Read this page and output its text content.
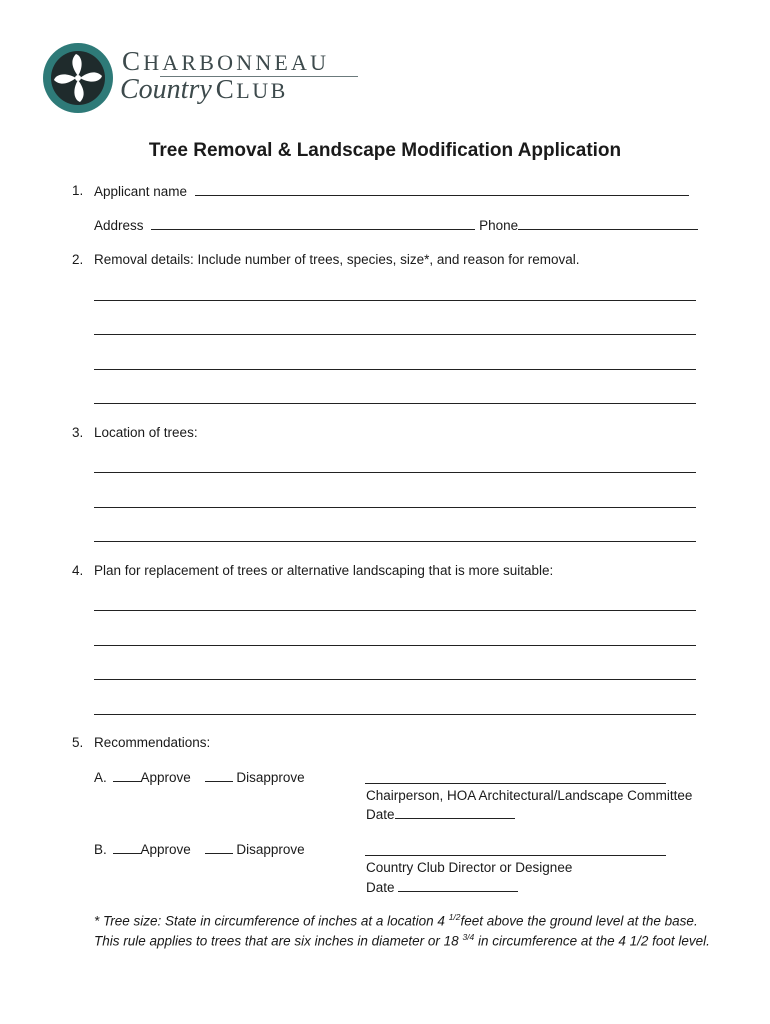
CHARBONNEAU
Country CLUB
Tree Removal & Landscape Modification Application
1. Applicant name
Address	Phone
2. Removal details: Include number of trees, species, size*, and reason for removal.
3. Location of trees:
4. Plan for replacement of trees or alternative landscaping that is more suitable:
5. Recommendations:
A.	Approve	Disapprove
Chairperson, HOA Architectural/Landscape Committee
Date
B.	Approve	Disapprove
Country Club Director or Designee
Date
* Tree size: State in circumference of inches at a location 4 $^{1/2}$feet above the ground level at the base.
This rule applies to trees that are six inches in diameter or 18 $^{3/4}$ in circumference at the 4 1/2 foot level.
